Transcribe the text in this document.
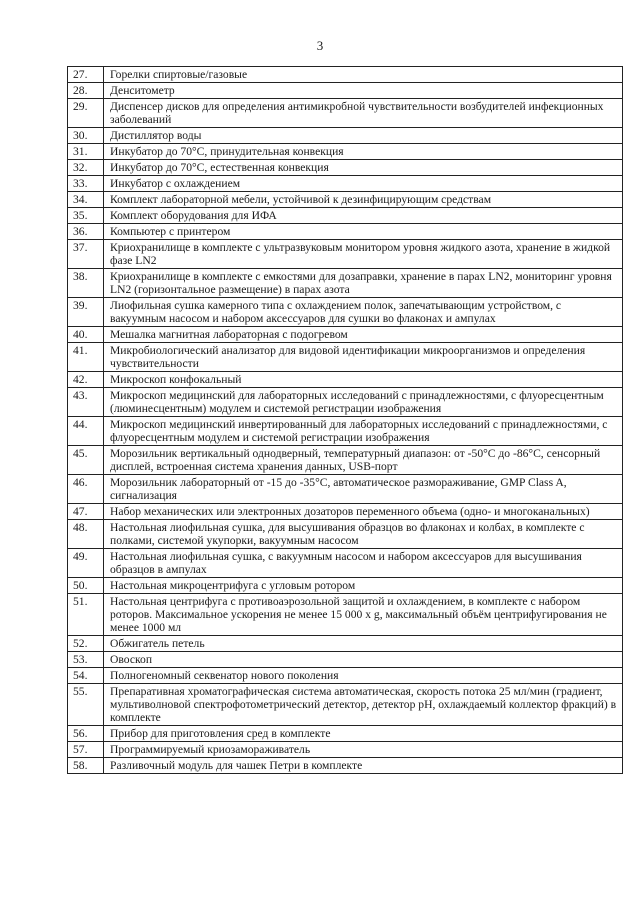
3
27.	Горелки спиртовые/газовые
28.	Денситометр
29.	Диспенсер дисков для определения антимикробной чувствительности возбудителей инфекционных заболеваний
30.	Дистиллятор воды
31.	Инкубатор до 70°C, принудительная конвекция
32.	Инкубатор до 70°C, естественная конвекция
33.	Инкубатор с охлаждением
34.	Комплект лабораторной мебели, устойчивой к дезинфицирующим средствам
35.	Комплект оборудования для ИФА
36.	Компьютер с принтером
37.	Криохранилище в комплекте с ультразвуковым монитором уровня жидкого азота, хранение в жидкой фазе LN2
38.	Криохранилище в комплекте с емкостями для дозаправки, хранение в парах LN2, мониторинг уровня LN2 (горизонтальное размещение) в парах азота
39.	Лиофильная сушка камерного типа с охлаждением полок, запечатывающим устройством, с вакуумным насосом и набором аксессуаров для сушки во флаконах и ампулах
40.	Мешалка магнитная лабораторная с подогревом
41.	Микробиологический анализатор для видовой идентификации микроорганизмов и определения чувствительности
42.	Микроскоп конфокальный
43.	Микроскоп медицинский для лабораторных исследований с принадлежностями, с флуоресцентным (люминесцентным) модулем и системой регистрации изображения
44.	Микроскоп медицинский инвертированный для лабораторных исследований с принадлежностями, с флуоресцентным модулем и системой регистрации изображения
45.	Морозильник вертикальный однодверный, температурный диапазон: от -50°C до -86°C, сенсорный дисплей, встроенная система хранения данных, USB-порт
46.	Морозильник лабораторный от -15 до -35°C, автоматическое размораживание, GMP Class A, сигнализация
47.	Набор механических или электронных дозаторов переменного объема (одно- и многоканальных)
48.	Настольная лиофильная сушка, для высушивания образцов во флаконах и колбах, в комплекте с полками, системой укупорки, вакуумным насосом
49.	Настольная лиофильная сушка, с вакуумным насосом и набором аксессуаров для высушивания образцов в ампулах
50.	Настольная микроцентрифуга с угловым ротором
51.	Настольная центрифуга с противоаэрозольной защитой и охлаждением, в комплекте с набором роторов. Максимальное ускорения не менее 15 000 x g, максимальный объём центрифугирования не менее 1000 мл
52.	Обжигатель петель
53.	Овоскоп
54.	Полногеномный секвенатор нового поколения
55.	Препаративная хроматографическая система автоматическая, скорость потока 25 мл/мин (градиент, мультиволновой спектрофотометрический детектор, детектор pH, охлаждаемый коллектор фракций) в комплекте
56.	Прибор для приготовления сред в комплекте
57.	Программируемый криозамораживатель
58.	Разливочный модуль для чашек Петри в комплекте
